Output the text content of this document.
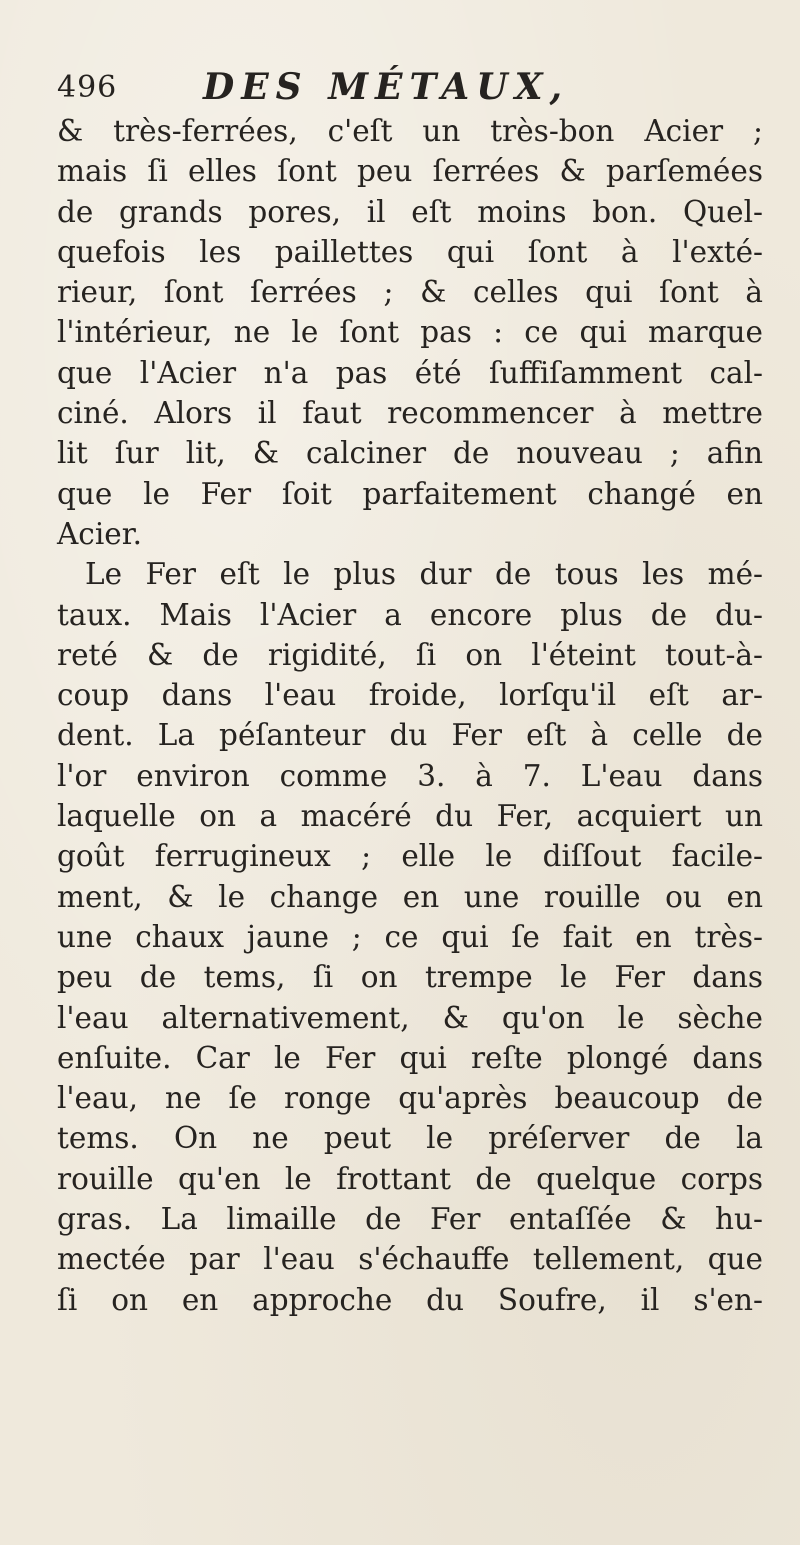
496 DES MÉTAUX,
& très-ferrées, c'eſt un très-bon Acier ;
mais ſi elles ſont peu ſerrées & parſemées
de grands pores, il eſt moins bon. Quel-
quefois les paillettes qui ſont à l'exté-
rieur, ſont ſerrées ; & celles qui ſont à
l'intérieur, ne le ſont pas : ce qui marque
que l'Acier n'a pas été ſuffiſamment cal-
ciné. Alors il faut recommencer à mettre
lit ſur lit, & calciner de nouveau ; afin
que le Fer ſoit parfaitement changé en
Acier.
Le Fer eſt le plus dur de tous les mé-
taux. Mais l'Acier a encore plus de du-
reté & de rigidité, ſi on l'éteint tout-à-
coup dans l'eau froide, lorſqu'il eſt ar-
dent. La péſanteur du Fer eſt à celle de
l'or environ comme 3. à 7. L'eau dans
laquelle on a macéré du Fer, acquiert un
goût ferrugineux ; elle le diſſout facile-
ment, & le change en une rouille ou en
une chaux jaune ; ce qui ſe fait en très-
peu de tems, ſi on trempe le Fer dans
l'eau alternativement, & qu'on le sèche
enſuite. Car le Fer qui reſte plongé dans
l'eau, ne ſe ronge qu'après beaucoup de
tems. On ne peut le préſerver de la
rouille qu'en le frottant de quelque corps
gras. La limaille de Fer entaſſée & hu-
mectée par l'eau s'échauffe tellement, que
ſi on en approche du Soufre, il s'en-
